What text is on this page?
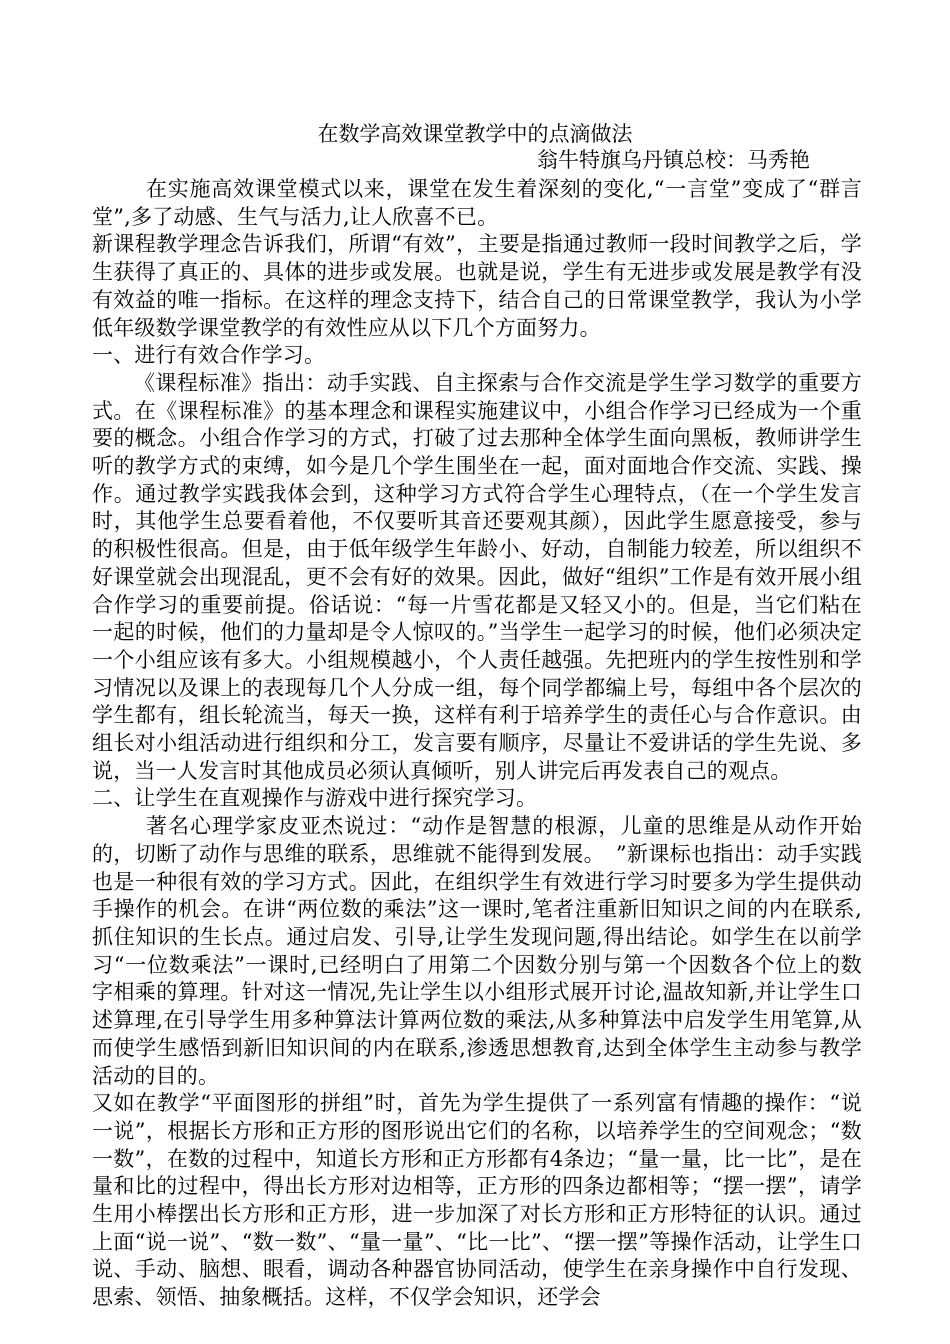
在数学高效课堂教学中的点滴做法
翁牛特旗乌丹镇总校：马秀艳

在实施高效课堂模式以来，课堂在发生着深刻的变化,“一言堂”变成了“群言堂”,多了动感、生气与活力,让人欣喜不已。

新课程教学理念告诉我们，所谓“有效”，主要是指通过教师一段时间教学之后，学生获得了真正的、具体的进步或发展。也就是说，学生有无进步或发展是教学有没有效益的唯一指标。在这样的理念支持下，结合自己的日常课堂教学，我认为小学低年级数学课堂教学的有效性应从以下几个方面努力。

一、进行有效合作学习。

《课程标准》指出：动手实践、自主探索与合作交流是学生学习数学的重要方式。在《课程标准》的基本理念和课程实施建议中，小组合作学习已经成为一个重要的概念。小组合作学习的方式，打破了过去那种全体学生面向黑板，教师讲学生听的教学方式的束缚，如今是几个学生围坐在一起，面对面地合作交流、实践、操作。通过教学实践我体会到，这种学习方式符合学生心理特点，（在一个学生发言时，其他学生总要看着他，不仅要听其音还要观其颜），因此学生愿意接受，参与的积极性很高。但是，由于低年级学生年龄小、好动，自制能力较差，所以组织不好课堂就会出现混乱，更不会有好的效果。因此，做好“组织”工作是有效开展小组合作学习的重要前提。俗话说：“每一片雪花都是又轻又小的。但是，当它们粘在一起的时候，他们的力量却是令人惊叹的。”当学生一起学习的时候，他们必须决定一个小组应该有多大。小组规模越小，个人责任越强。先把班内的学生按性别和学习情况以及课上的表现每几个人分成一组，每个同学都编上号，每组中各个层次的学生都有，组长轮流当，每天一换，这样有利于培养学生的责任心与合作意识。由组长对小组活动进行组织和分工，发言要有顺序，尽量让不爱讲话的学生先说、多说，当一人发言时其他成员必须认真倾听，别人讲完后再发表自己的观点。

二、让学生在直观操作与游戏中进行探究学习。

著名心理学家皮亚杰说过：“动作是智慧的根源，儿童的思维是从动作开始的，切断了动作与思维的联系，思维就不能得到发展。　”新课标也指出：动手实践也是一种很有效的学习方式。因此，在组织学生有效进行学习时要多为学生提供动手操作的机会。在讲“两位数的乘法”这一课时,笔者注重新旧知识之间的内在联系,抓住知识的生长点。通过启发、引导,让学生发现问题,得出结论。如学生在以前学习“一位数乘法”一课时,已经明白了用第二个因数分别与第一个因数各个位上的数字相乘的算理。针对这一情况,先让学生以小组形式展开讨论,温故知新,并让学生口述算理,在引导学生用多种算法计算两位数的乘法,从多种算法中启发学生用笔算,从而使学生感悟到新旧知识间的内在联系,渗透思想教育,达到全体学生主动参与教学活动的目的。

又如在教学“平面图形的拼组”时，首先为学生提供了一系列富有情趣的操作：“说一说”，根据长方形和正方形的图形说出它们的名称，以培养学生的空间观念；“数一数”，在数的过程中，知道长方形和正方形都有4条边；“量一量，比一比”，是在量和比的过程中，得出长方形对边相等，正方形的四条边都相等；“摆一摆”，请学生用小棒摆出长方形和正方形，进一步加深了对长方形和正方形特征的认识。通过上面“说一说”、“数一数”、“量一量”、“比一比”、“摆一摆”等操作活动，让学生口说、手动、脑想、眼看，调动各种器官协同活动，使学生在亲身操作中自行发现、思索、领悟、抽象概括。这样，不仅学会知识，还学会
